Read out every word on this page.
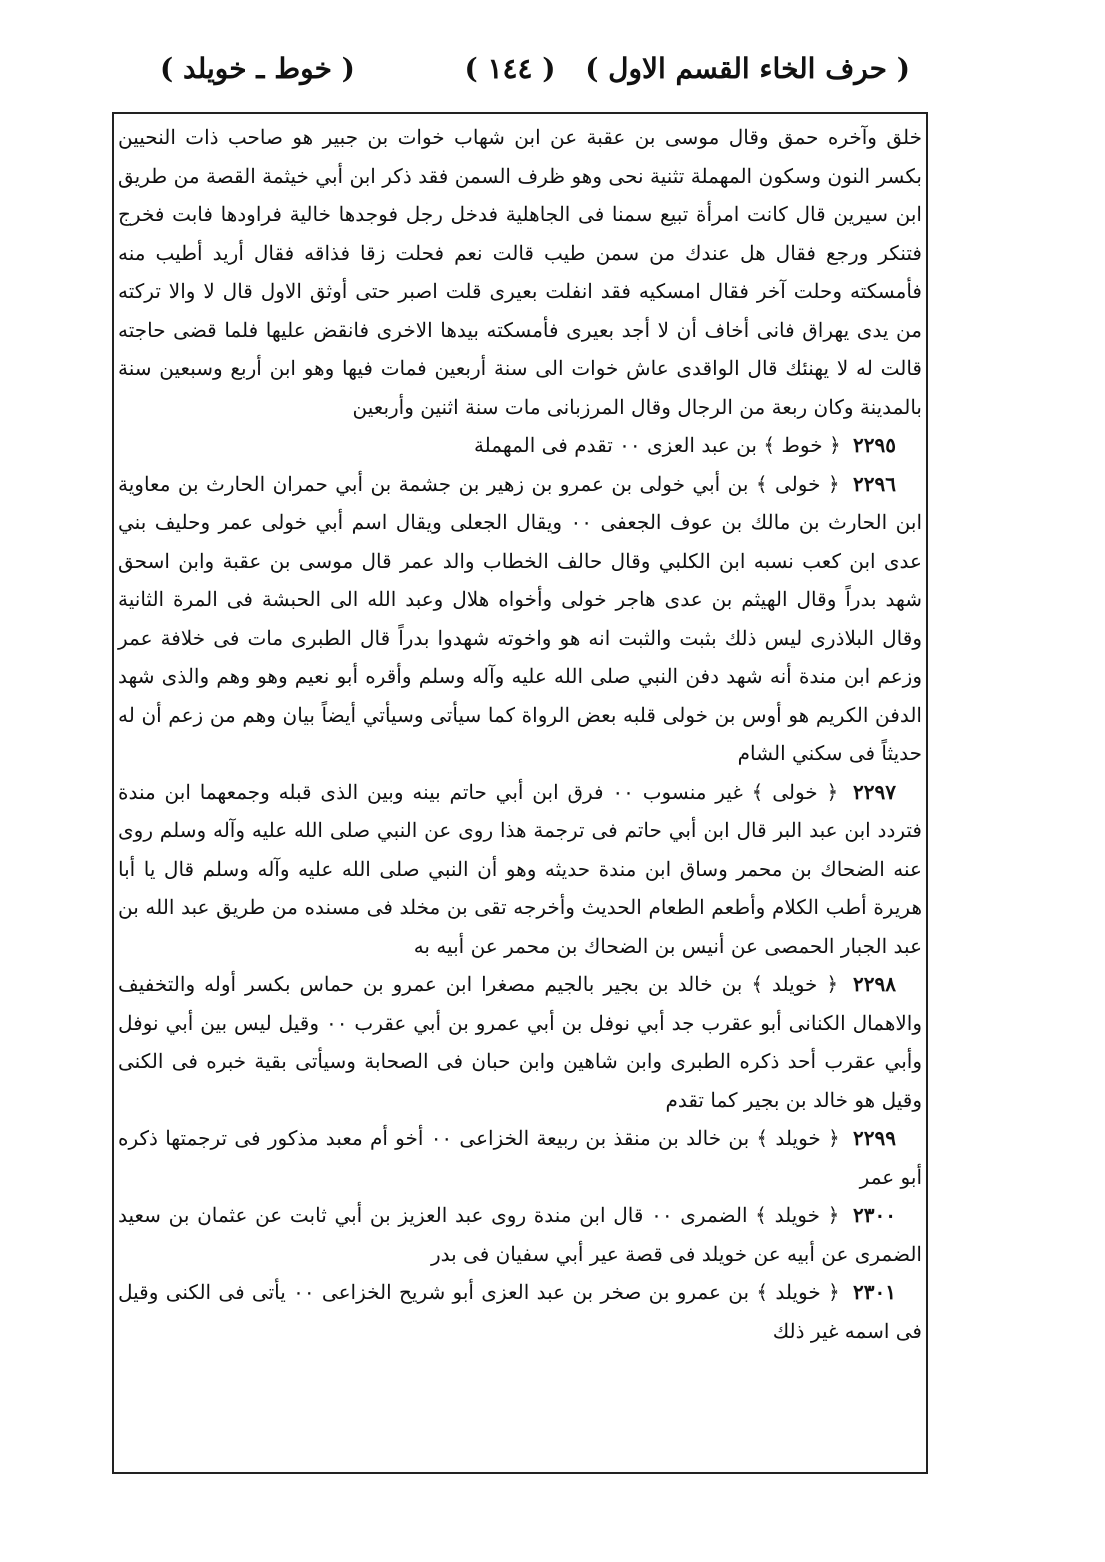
( حرف الخاء القسم الاول )
( ١٤٤ )
( خوط ـ خويلد )

خلق وآخره حمق وقال موسى بن عقبة عن ابن شهاب خوات بن جبير هو صاحب ذات النحيين بكسر النون وسكون المهملة تثنية نحى وهو ظرف السمن فقد ذكر ابن أبي خيثمة القصة من طريق ابن سيرين قال كانت امرأة تبيع سمنا فى الجاهلية فدخل رجل فوجدها خالية فراودها فابت فخرج فتنكر ورجع فقال هل عندك من سمن طيب قالت نعم فحلت زقا فذاقه فقال أريد أطيب منه فأمسكته وحلت آخر فقال امسكيه فقد انفلت بعيرى قلت اصبر حتى أوثق الاول قال لا والا تركته من يدى يهراق فانى أخاف أن لا أجد بعيرى فأمسكته بيدها الاخرى فانقض عليها فلما قضى حاجته قالت له لا يهنئك قال الواقدى عاش خوات الى سنة أربعين فمات فيها وهو ابن أربع وسبعين سنة بالمدينة وكان ربعة من الرجال وقال المرزبانى مات سنة اثنين وأربعين

٢٢٩٥ ﴿ خوط ﴾ بن عبد العزى ٠٠ تقدم فى المهملة

٢٢٩٦ ﴿ خولى ﴾ بن أبي خولى بن عمرو بن زهير بن جشمة بن أبي حمران الحارث بن معاوية ابن الحارث بن مالك بن عوف الجعفى ٠٠ ويقال الجعلى ويقال اسم أبي خولى عمر وحليف بني عدى ابن كعب نسبه ابن الكلبي وقال حالف الخطاب والد عمر قال موسى بن عقبة وابن اسحق شهد بدراً وقال الهيثم بن عدى هاجر خولى وأخواه هلال وعبد الله الى الحبشة فى المرة الثانية وقال البلاذرى ليس ذلك بثبت والثبت انه هو واخوته شهدوا بدراً قال الطبرى مات فى خلافة عمر وزعم ابن مندة أنه شهد دفن النبي صلى الله عليه وآله وسلم وأقره أبو نعيم وهو وهم والذى شهد الدفن الكريم هو أوس بن خولى قلبه بعض الرواة كما سيأتى وسيأتي أيضاً بيان وهم من زعم أن له حديثاً فى سكني الشام

٢٢٩٧ ﴿ خولى ﴾ غير منسوب ٠٠ فرق ابن أبي حاتم بينه وبين الذى قبله وجمعهما ابن مندة فتردد ابن عبد البر قال ابن أبي حاتم فى ترجمة هذا روى عن النبي صلى الله عليه وآله وسلم روى عنه الضحاك بن محمر وساق ابن مندة حديثه وهو أن النبي صلى الله عليه وآله وسلم قال يا أبا هريرة أطب الكلام وأطعم الطعام الحديث وأخرجه تقى بن مخلد فى مسنده من طريق عبد الله بن عبد الجبار الحمصى عن أنيس بن الضحاك بن محمر عن أبيه به

٢٢٩٨ ﴿ خويلد ﴾ بن خالد بن بجير بالجيم مصغرا ابن عمرو بن حماس بكسر أوله والتخفيف والاهمال الكنانى أبو عقرب جد أبي نوفل بن أبي عمرو بن أبي عقرب ٠٠ وقيل ليس بين أبي نوفل وأبي عقرب أحد ذكره الطبرى وابن شاهين وابن حبان فى الصحابة وسيأتى بقية خبره فى الكنى وقيل هو خالد بن بجير كما تقدم

٢٢٩٩ ﴿ خويلد ﴾ بن خالد بن منقذ بن ربيعة الخزاعى ٠٠ أخو أم معبد مذكور فى ترجمتها ذكره أبو عمر

٢٣٠٠ ﴿ خويلد ﴾ الضمرى ٠٠ قال ابن مندة روى عبد العزيز بن أبي ثابت عن عثمان بن سعيد الضمرى عن أبيه عن خويلد فى قصة عير أبي سفيان فى بدر

٢٣٠١ ﴿ خويلد ﴾ بن عمرو بن صخر بن عبد العزى أبو شريح الخزاعى ٠٠ يأتى فى الكنى وقيل فى اسمه غير ذلك
